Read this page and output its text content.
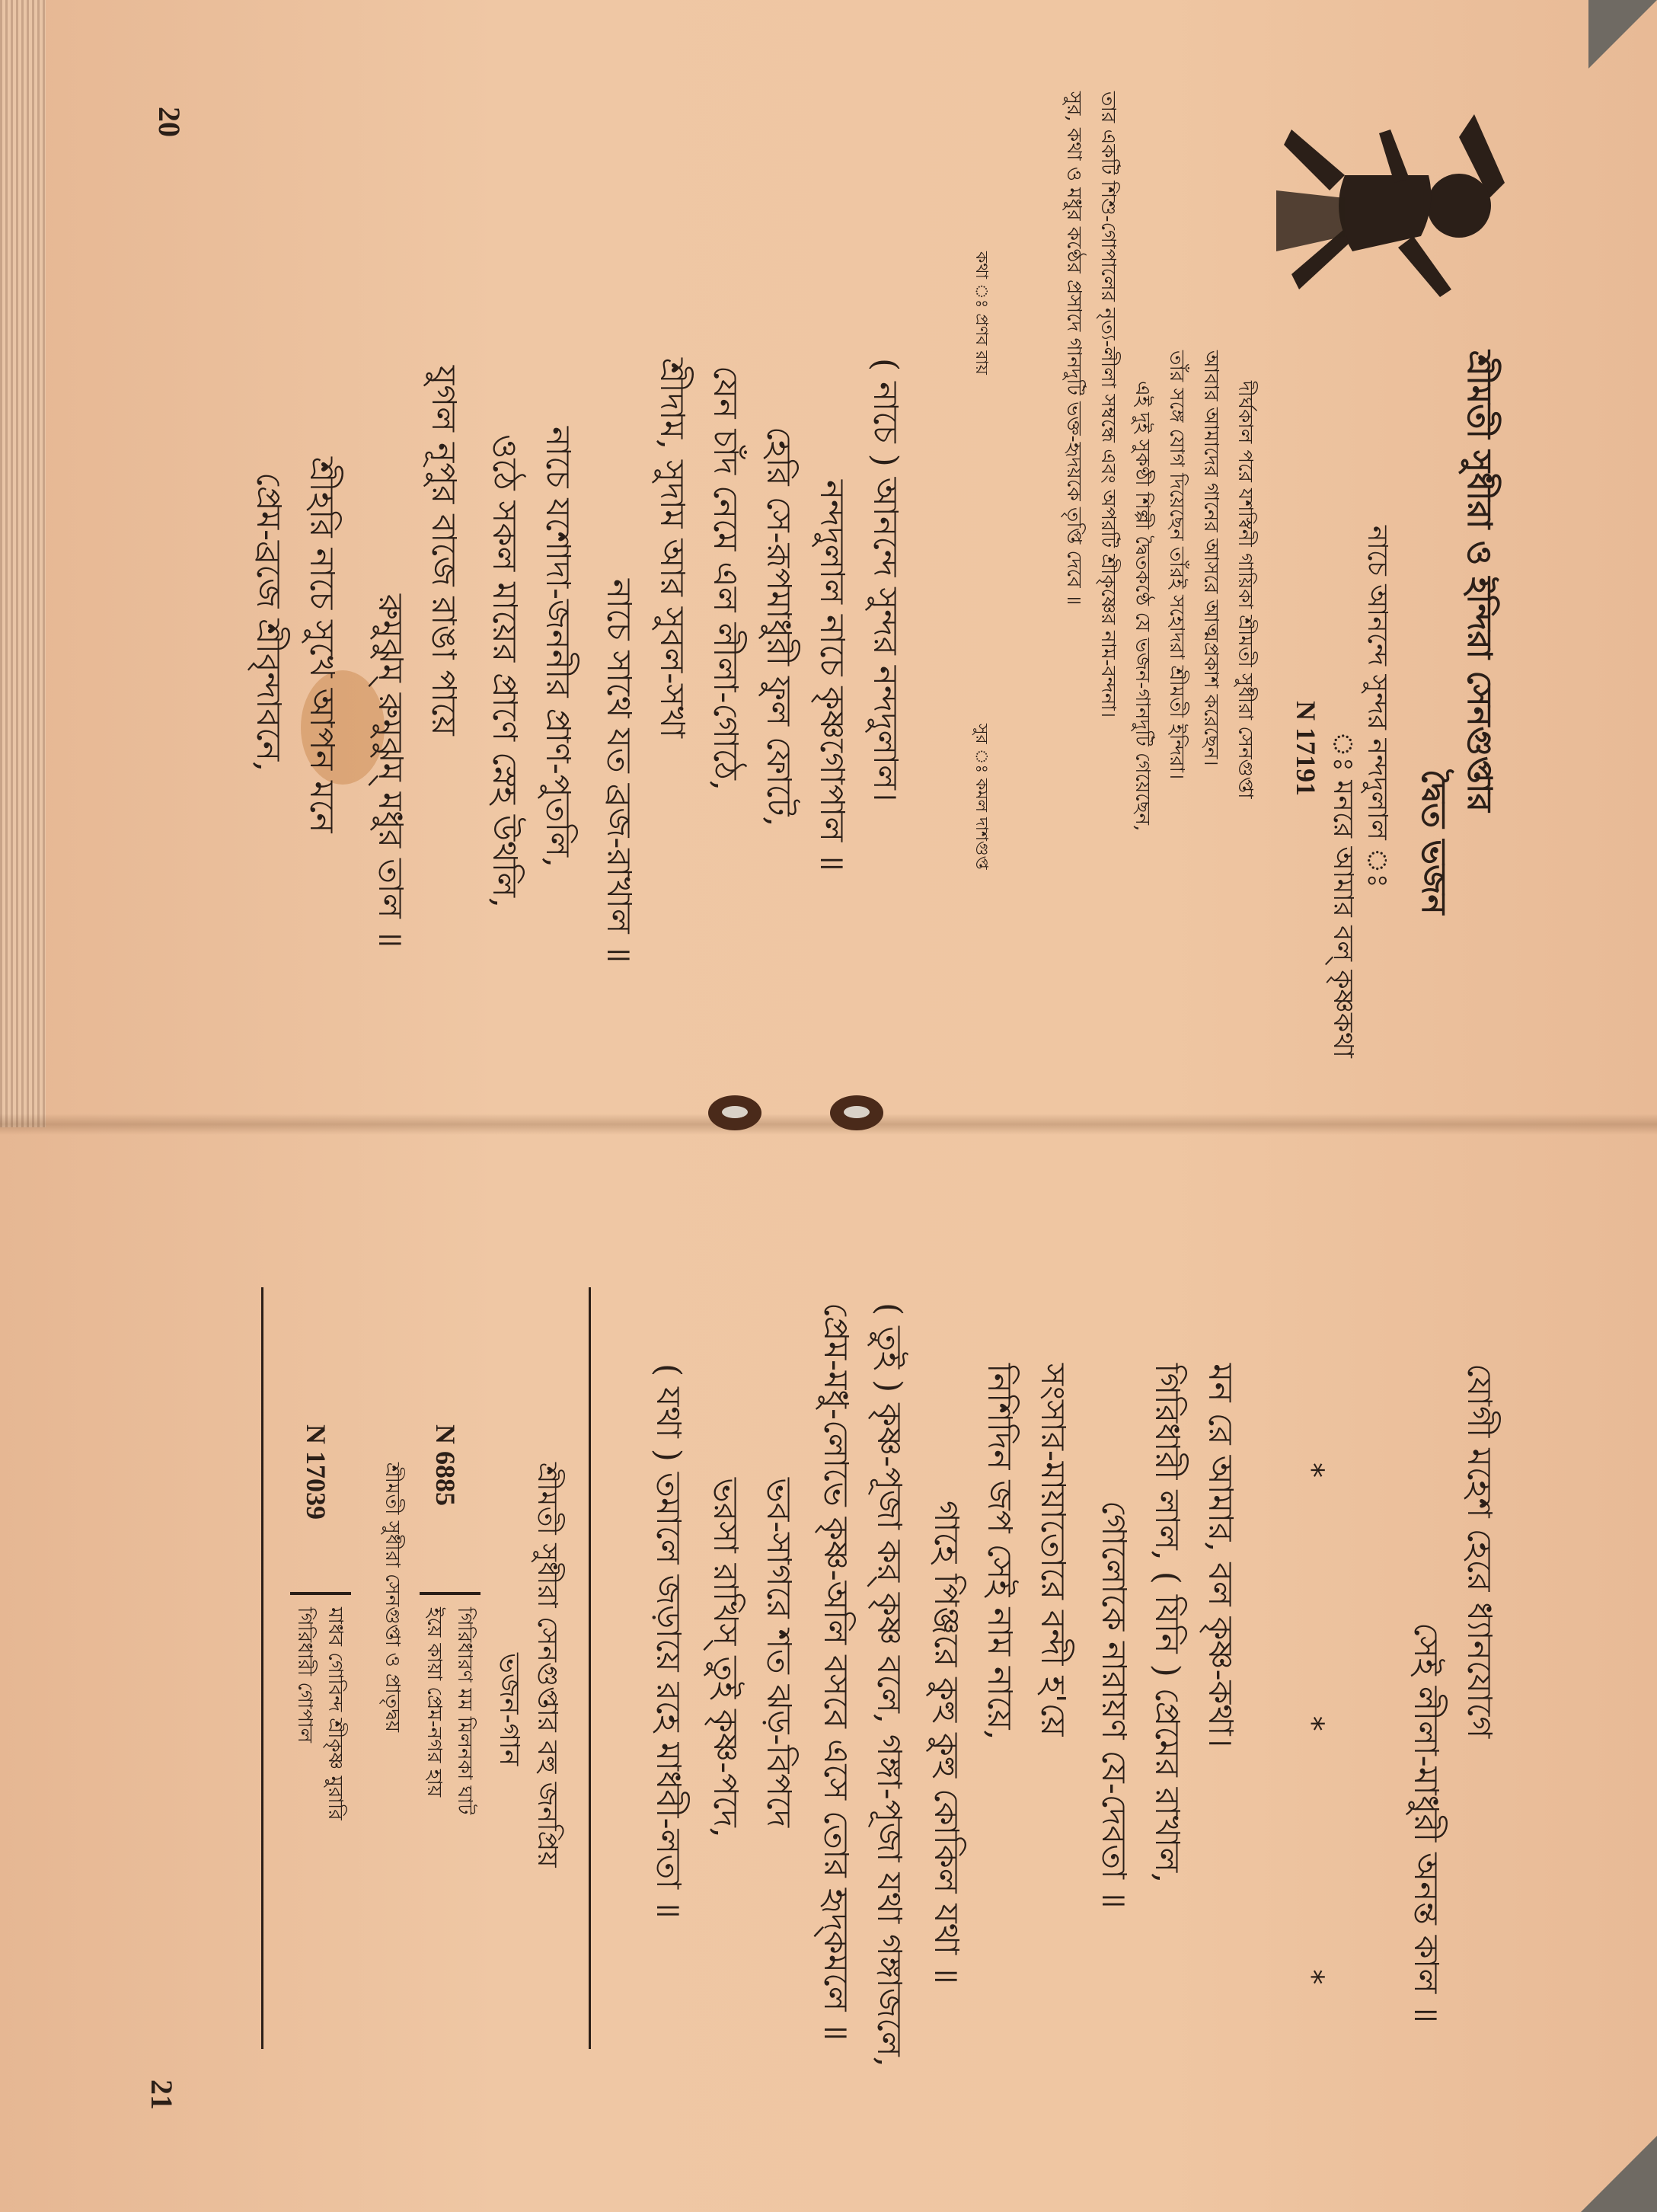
শ্রীমতী সুধীরা ও ইন্দিরা সেনগুপ্তার
দ্বৈত ভজন
নাচে আনন্দে সুন্দর নন্দদুলাল ঃ
ঃ মনরে আমার বল্ কৃষ্ণকথা
N 17191
দীর্ঘকাল পরে যশস্বিনী গায়িকা শ্রীমতী সুধীরা সেনগুপ্তা
আবার আমাদের গানের আসরে আত্মপ্রকাশ করেছেন।
তাঁর সঙ্গে যোগ দিয়েছেন তাঁরই সহোদরা শ্রীমতী ইন্দিরা।
এই দুই সুকণ্ঠী শিল্পী দ্বৈতকণ্ঠে যে ভজন-গানদুটি গেয়েছেন,
তার একটি শিশু-গোপালের নৃত্য-লীলা সম্বন্ধে এবং অপরটি শ্রীকৃষ্ণের নাম-বন্দনা।
সুর, কথা ও মধুর কণ্ঠের প্রসাদে গানদুটি ভক্ত-হৃদয়কে তৃপ্তি দেবে ॥
কথা ঃ প্রণব রায়
সুর ঃ কমল দাশগুপ্ত
( নাচে ) আনন্দে সুন্দর নন্দদুলাল।
নন্দদুলাল নাচে কৃষ্ণগোপাল ॥
হেরি সে-রূপমাধুরী ফুল ফোটে,
যেন চাঁদ নেমে এল লীলা-গোঠে,
শ্রীদাম, সুদাম আর সুবল-সখা
নাচে সাথে যত ব্রজ-রাখাল ॥
নাচে যশোদা-জননীর প্রাণ-পুতলি,
ওঠে সকল মায়ের প্রাণে স্নেহ উথলি,
যুগল নূপুর বাজে রাঙা পায়ে
রুমুঝুম্ রুমুঝুম্ মধুর তাল ॥
শ্রীহরি নাচে সুখে আপন মনে
প্রেম-ব্রজে শ্রীবৃন্দাবনে,
20
যোগী মহেশ হেরে ধ্যানযোগে
সেই লীলা-মাধুরী অনন্ত কাল ॥
* * *
মন রে আমার, বল কৃষ্ণ-কথা।
গিরিধারী লাল, ( যিনি ) প্রেমের রাখাল,
গোলোকে নারায়ণ যে-দেবতা ॥
সংসার-মায়াতোরে বন্দী হ'য়ে
নিশিদিন জপ সেই নাম নায়ে,
গাহে পিঞ্জরে কুহু কুহু কোকিল যথা ॥
( তুই ) কৃষ্ণ-পূজা কর্ কৃষ্ণ বলে, গঙ্গা-পূজা যথা গঙ্গাজলে,
প্রেম-মধু-লোভে কৃষ্ণ-অলি বসবে এসে তোর হৃদ্কমলে ॥
ভব-সাগরে শত ঝড়-বিপদে
ভরসা রাখিস্ তুই কৃষ্ণ-পদে,
( যথা ) তমালে জড়ায়ে রহে মাধবী-লতা ॥
শ্রীমতী সুধীরা সেনগুপ্তার বহু জনপ্রিয়
ভজন-গান
N 6885
গিরিধারণ মম মিলনকা ঘাট
ইয়ে কায়া প্রেম-নগর হায়
শ্রীমতী সুধীরা সেনগুপ্তা ও প্রাতৃদ্বয়
N 17039
মাধব গোবিন্দ শ্রীকৃষ্ণ মুরারি
গিরিধারী গোপাল
21
